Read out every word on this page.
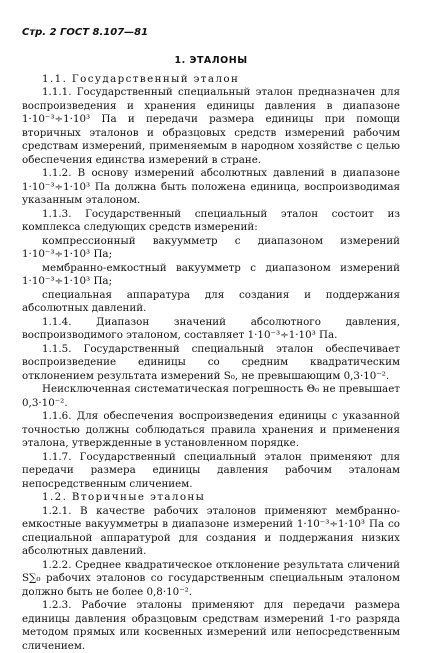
Стр. 2 ГОСТ 8.107—81
1. ЭТАЛОНЫ
1.1. Государственный эталон

1.1.1. Государственный специальный эталон предназначен для воспроизведения и хранения единицы давления в диапазоне 1·10⁻³÷1·10³ Па и передачи размера единицы при помощи вторичных эталонов и образцовых средств измерений рабочим средствам измерений, применяемым в народном хозяйстве с целью обеспечения единства измерений в стране.

1.1.2. В основу измерений абсолютных давлений в диапазоне 1·10⁻³÷1·10³ Па должна быть положена единица, воспроизводимая указанным эталоном.

1.1.3. Государственный специальный эталон состоит из комплекса следующих средств измерений:

компрессионный вакуумметр с диапазоном измерений 1·10⁻³÷1·10³ Па;

мембранно-емкостный вакуумметр с диапазоном измерений 1·10⁻³÷1·10³ Па;

специальная аппаратура для создания и поддержания абсолютных давлений.

1.1.4. Диапазон значений абсолютного давления, воспроизводимого эталоном, составляет 1·10⁻³÷1·10³ Па.

1.1.5. Государственный специальный эталон обеспечивает воспроизведение единицы со средним квадратическим отклонением результата измерений S₀, не превышающим 0,3·10⁻².

Неисключенная систематическая погрешность Θ₀ не превышает 0,3·10⁻².

1.1.6. Для обеспечения воспроизведения единицы с указанной точностью должны соблюдаться правила хранения и применения эталона, утвержденные в установленном порядке.

1.1.7. Государственный специальный эталон применяют для передачи размера единицы давления рабочим эталонам непосредственным сличением.

1.2. Вторичные эталоны

1.2.1. В качестве рабочих эталонов применяют мембранно-емкостные вакуумметры в диапазоне измерений 1·10⁻³÷1·10³ Па со специальной аппаратурой для создания и поддержания низких абсолютных давлений.

1.2.2. Среднее квадратическое отклонение результата сличений S∑₀ рабочих эталонов со государственным специальным эталоном должно быть не более 0,8·10⁻².

1.2.3. Рабочие эталоны применяют для передачи размера единицы давления образцовым средствам измерений 1-го разряда методом прямых или косвенных измерений или непосредственным сличением.
